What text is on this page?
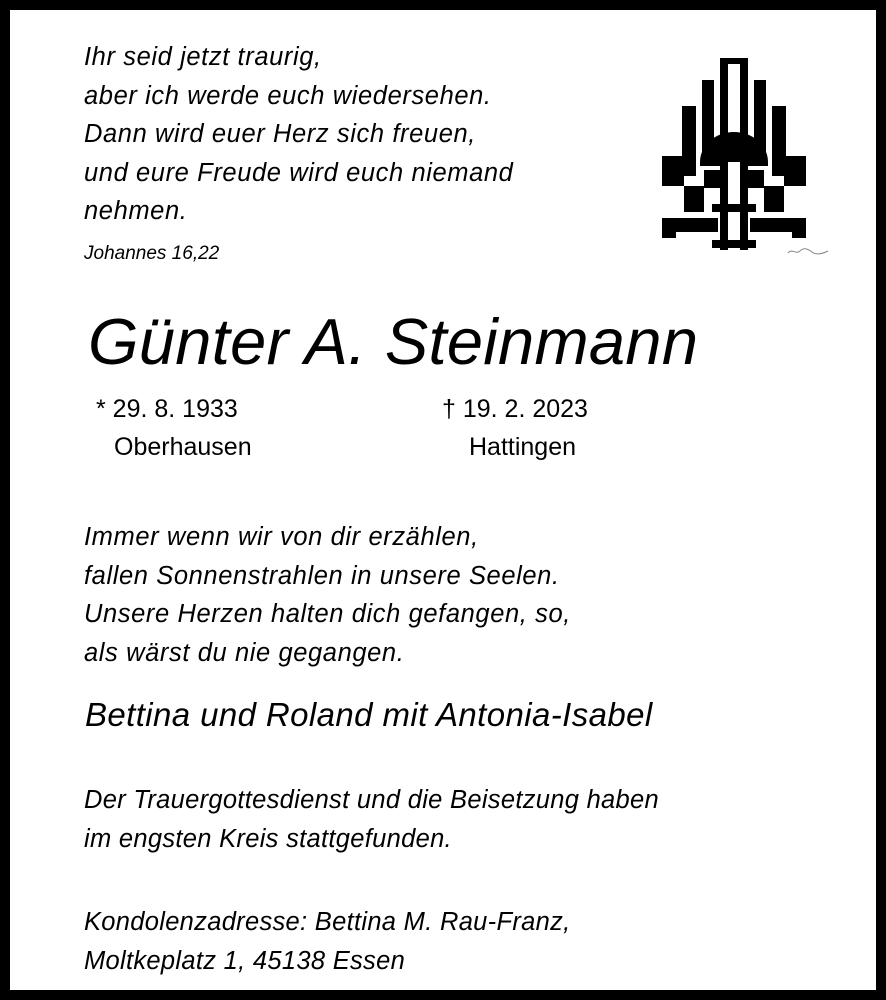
Ihr seid jetzt traurig,
aber ich werde euch wiedersehen.
Dann wird euer Herz sich freuen,
und eure Freude wird euch niemand
nehmen.
Johannes 16,22
Günter A. Steinmann
* 29. 8. 1933
Oberhausen
† 19. 2. 2023
Hattingen
Immer wenn wir von dir erzählen,
fallen Sonnenstrahlen in unsere Seelen.
Unsere Herzen halten dich gefangen, so,
als wärst du nie gegangen.
Bettina und Roland mit Antonia-Isabel
Der Trauergottesdienst und die Beisetzung haben
im engsten Kreis stattgefunden.
Kondolenzadresse: Bettina M. Rau-Franz,
Moltkeplatz 1, 45138 Essen
